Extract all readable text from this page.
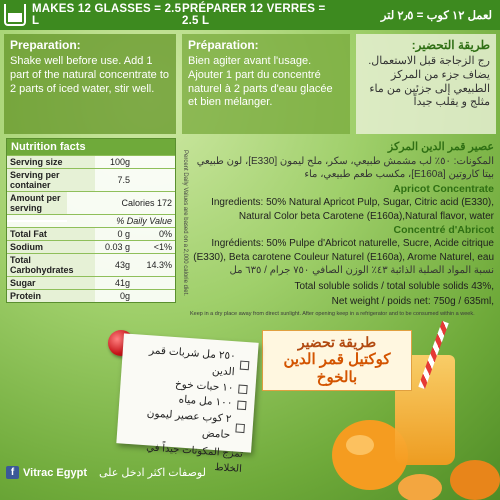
MAKES 12 GLASSES = 2.5 L
PRÉPARER 12 VERRES = 2.5 L	لعمل ١٢ كوب = ٢٫٥ لتر
Preparation:
Shake well before use. Add 1 part of the natural concentrate to 2 parts of iced water, stir well.
Préparation:
Bien agiter avant l'usage. Ajouter 1 part du concentré naturel à 2 parts d'eau glacée et bien mélanger.
طريقة التحضير:
رج الزجاجة قبل الاستعمال. يضاف جزء من المركز الطبيعي إلى جزئين من ماء مثلج و يقلب جيداً
Nutrition facts
Serving size	100g
Serving per container	7.5
Amount per serving	Calories 172
% Daily Value
Total Fat	0 g	0%
Sodium	0.03 g	<1%
Total Carbohydrates	43g	14.3%
Sugar	41g
Protein	0g
Percent Daily Values are based on a 2,000 calorie diet.
عصير قمر الدين المركز
المكونات: ٥٠٪ لب مشمش طبيعي، سكر، ملح ليمون [E330]، لون طبيعي بيتا كاروتين [E160a]، مكسب طعم طبيعي، ماء
Apricot Concentrate
Ingredients: 50% Natural Apricot Pulp, Sugar, Citric acid (E330), Natural Color beta Carotene (E160a),Natural flavor, water
Concentré d'Abricot
Ingrédients: 50% Pulpe d'Abricot naturelle, Sucre, Acide citrique (E330), Beta carotene Couleur Naturel (E160a), Arome Naturel, eau
نسبة المواد الصلبة الذائبة ٤٣٪ الوزن الصافي ٧٥٠ جرام / ٦٣٥ مل
Total soluble solids / total soluble solids 43%,
Net weight / poids net: 750g / 635ml,
Keep in a dry place away from direct sunlight. After opening keep in a refrigerator and to be consumed within a week.
طريقة تحضير
كوكتيل قمر الدين بالخوخ
٢٥٠ مل شربات قمر الدين
١٠ حبات خوخ
١٠٠ مل مياه
٢ كوب عصير ليمون حامض
تمزج المكونات جيداً في الخلاط
f Vitrac Egypt لوصفات اكثر ادخل على
